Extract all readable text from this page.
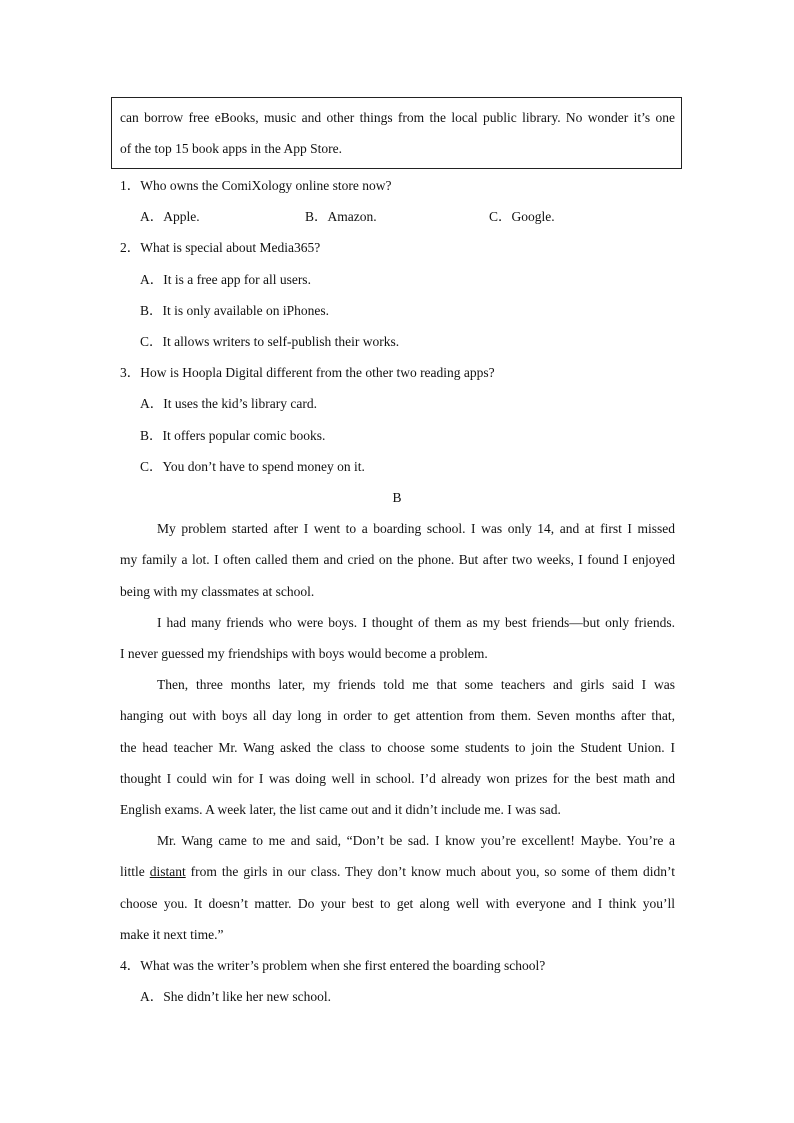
can borrow free eBooks, music and other things from the local public library. No wonder it’s one
of the top 15 book apps in the App Store.
1．Who owns the ComiXology online store now?
A．Apple.	B．Amazon.	C．Google.
2．What is special about Media365?
A．It is a free app for all users.
B．It is only available on iPhones.
C．It allows writers to self-publish their works.
3．How is Hoopla Digital different from the other two reading apps?
A．It uses the kid’s library card.
B．It offers popular comic books.
C．You don’t have to spend money on it.
B
My problem started after I went to a boarding school. I was only 14, and at first I missed
my family a lot. I often called them and cried on the phone. But after two weeks, I found I enjoyed
being with my classmates at school.
I had many friends who were boys. I thought of them as my best friends—but only friends.
I never guessed my friendships with boys would become a problem.
Then, three months later, my friends told me that some teachers and girls said I was
hanging out with boys all day long in order to get attention from them. Seven months after that,
the head teacher Mr. Wang asked the class to choose some students to join the Student Union. I
thought I could win for I was doing well in school. I’d already won prizes for the best math and
English exams. A week later, the list came out and it didn’t include me. I was sad.
Mr. Wang came to me and said, “Don’t be sad. I know you’re excellent! Maybe. You’re a
little distant from the girls in our class. They don’t know much about you, so some of them didn’t
choose you. It doesn’t matter. Do your best to get along well with everyone and I think you’ll
make it next time.”
4．What was the writer’s problem when she first entered the boarding school?
A．She didn’t like her new school.
